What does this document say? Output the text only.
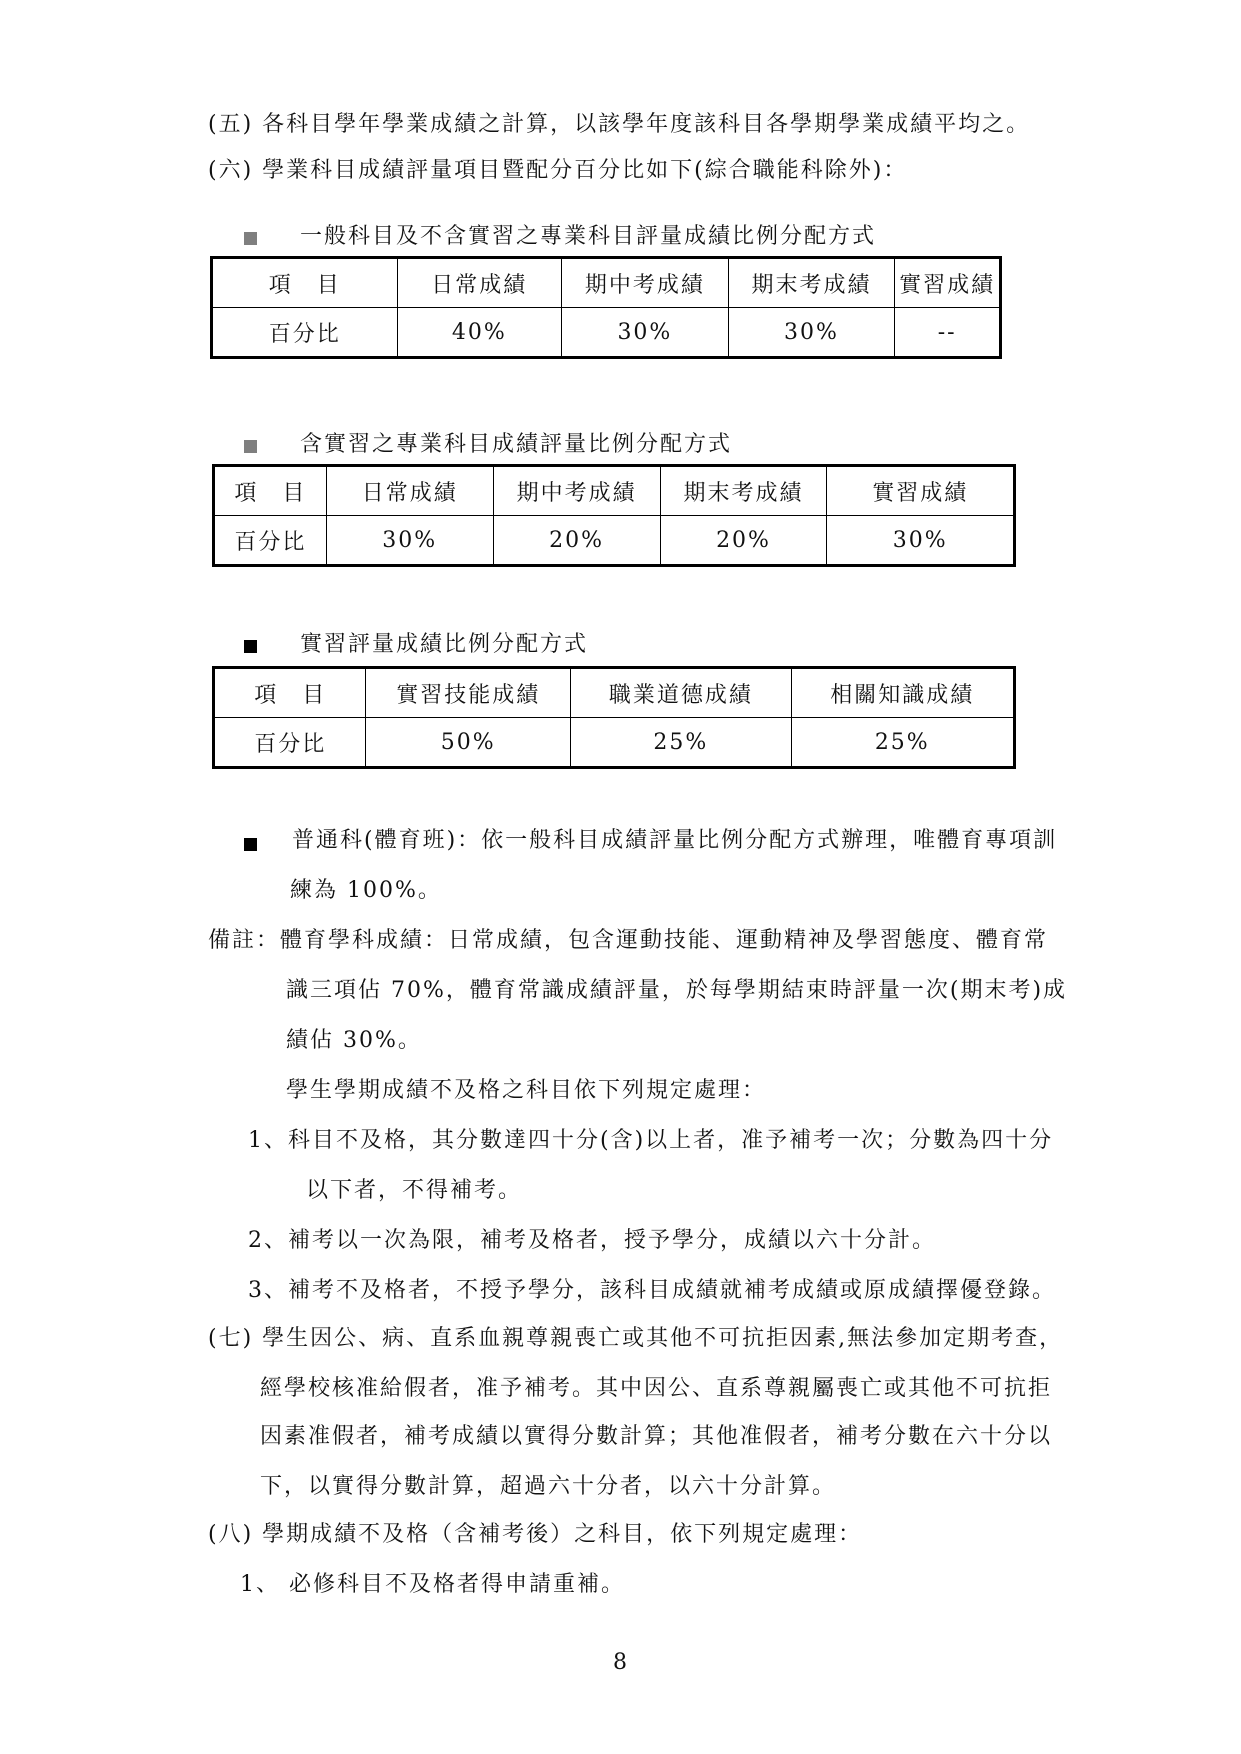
(五) 各科目學年學業成績之計算，以該學年度該科目各學期學業成績平均之。
(六) 學業科目成績評量項目暨配分百分比如下(綜合職能科除外)：
一般科目及不含實習之專業科目評量成績比例分配方式
項　目	日常成績	期中考成績	期末考成績	實習成績
百分比	40%	30%	30%	--
含實習之專業科目成績評量比例分配方式
項　目	日常成績	期中考成績	期末考成績	實習成績
百分比	30%	20%	20%	30%
實習評量成績比例分配方式
項　目	實習技能成績	職業道德成績	相關知識成績
百分比	50%	25%	25%
普通科(體育班)：依一般科目成績評量比例分配方式辦理，唯體育專項訓
練為 100%。
備註：體育學科成績：日常成績，包含運動技能、運動精神及學習態度、體育常
識三項佔 70%，體育常識成績評量，於每學期結束時評量一次(期末考)成
績佔 30%。
學生學期成績不及格之科目依下列規定處理：
1、科目不及格，其分數達四十分(含)以上者，准予補考一次；分數為四十分
以下者，不得補考。
2、補考以一次為限，補考及格者，授予學分，成績以六十分計。
3、補考不及格者，不授予學分，該科目成績就補考成績或原成績擇優登錄。
(七) 學生因公、病、直系血親尊親喪亡或其他不可抗拒因素,無法參加定期考查，
經學校核准給假者，准予補考。其中因公、直系尊親屬喪亡或其他不可抗拒
因素准假者，補考成績以實得分數計算；其他准假者，補考分數在六十分以
下，以實得分數計算，超過六十分者，以六十分計算。
(八) 學期成績不及格（含補考後）之科目，依下列規定處理：
1、 必修科目不及格者得申請重補。
8
